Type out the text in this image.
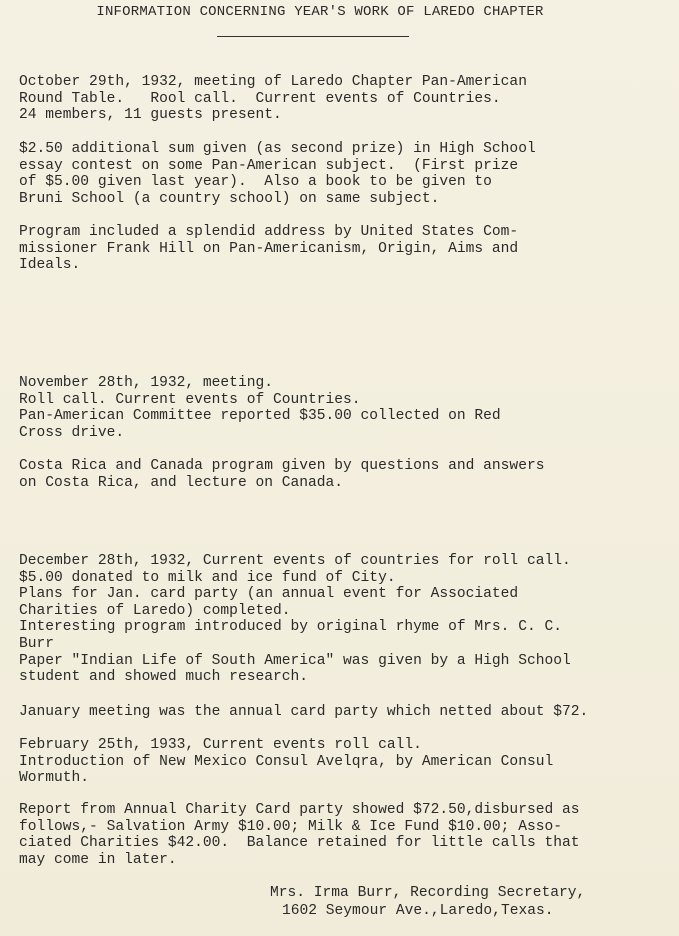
INFORMATION CONCERNING YEAR'S WORK OF LAREDO CHAPTER
October 29th, 1932, meeting of Laredo Chapter Pan-American
Round Table.   Rool call.  Current events of Countries.
24 members, 11 guests present.
$2.50 additional sum given (as second prize) in High School
essay contest on some Pan-American subject.  (First prize
of $5.00 given last year).  Also a book to be given to
Bruni School (a country school) on same subject.
Program included a splendid address by United States Com-
missioner Frank Hill on Pan-Americanism, Origin, Aims and
Ideals.
November 28th, 1932, meeting.
Roll call. Current events of Countries.
Pan-American Committee reported $35.00 collected on Red
Cross drive.
Costa Rica and Canada program given by questions and answers
on Costa Rica, and lecture on Canada.
December 28th, 1932, Current events of countries for roll call.
$5.00 donated to milk and ice fund of City.
Plans for Jan. card party (an annual event for Associated
Charities of Laredo) completed.
Interesting program introduced by original rhyme of Mrs. C. C.
Burr
Paper "Indian Life of South America" was given by a High School
student and showed much research.
January meeting was the annual card party which netted about $72.
February 25th, 1933, Current events roll call.
Introduction of New Mexico Consul Avelqra, by American Consul
Wormuth.
Report from Annual Charity Card party showed $72.50,disbursed as
follows,- Salvation Army $10.00; Milk & Ice Fund $10.00; Asso-
ciated Charities $42.00.  Balance retained for little calls that
may come in later.
Mrs. Irma Burr, Recording Secretary,
1602 Seymour Ave.,Laredo,Texas.
